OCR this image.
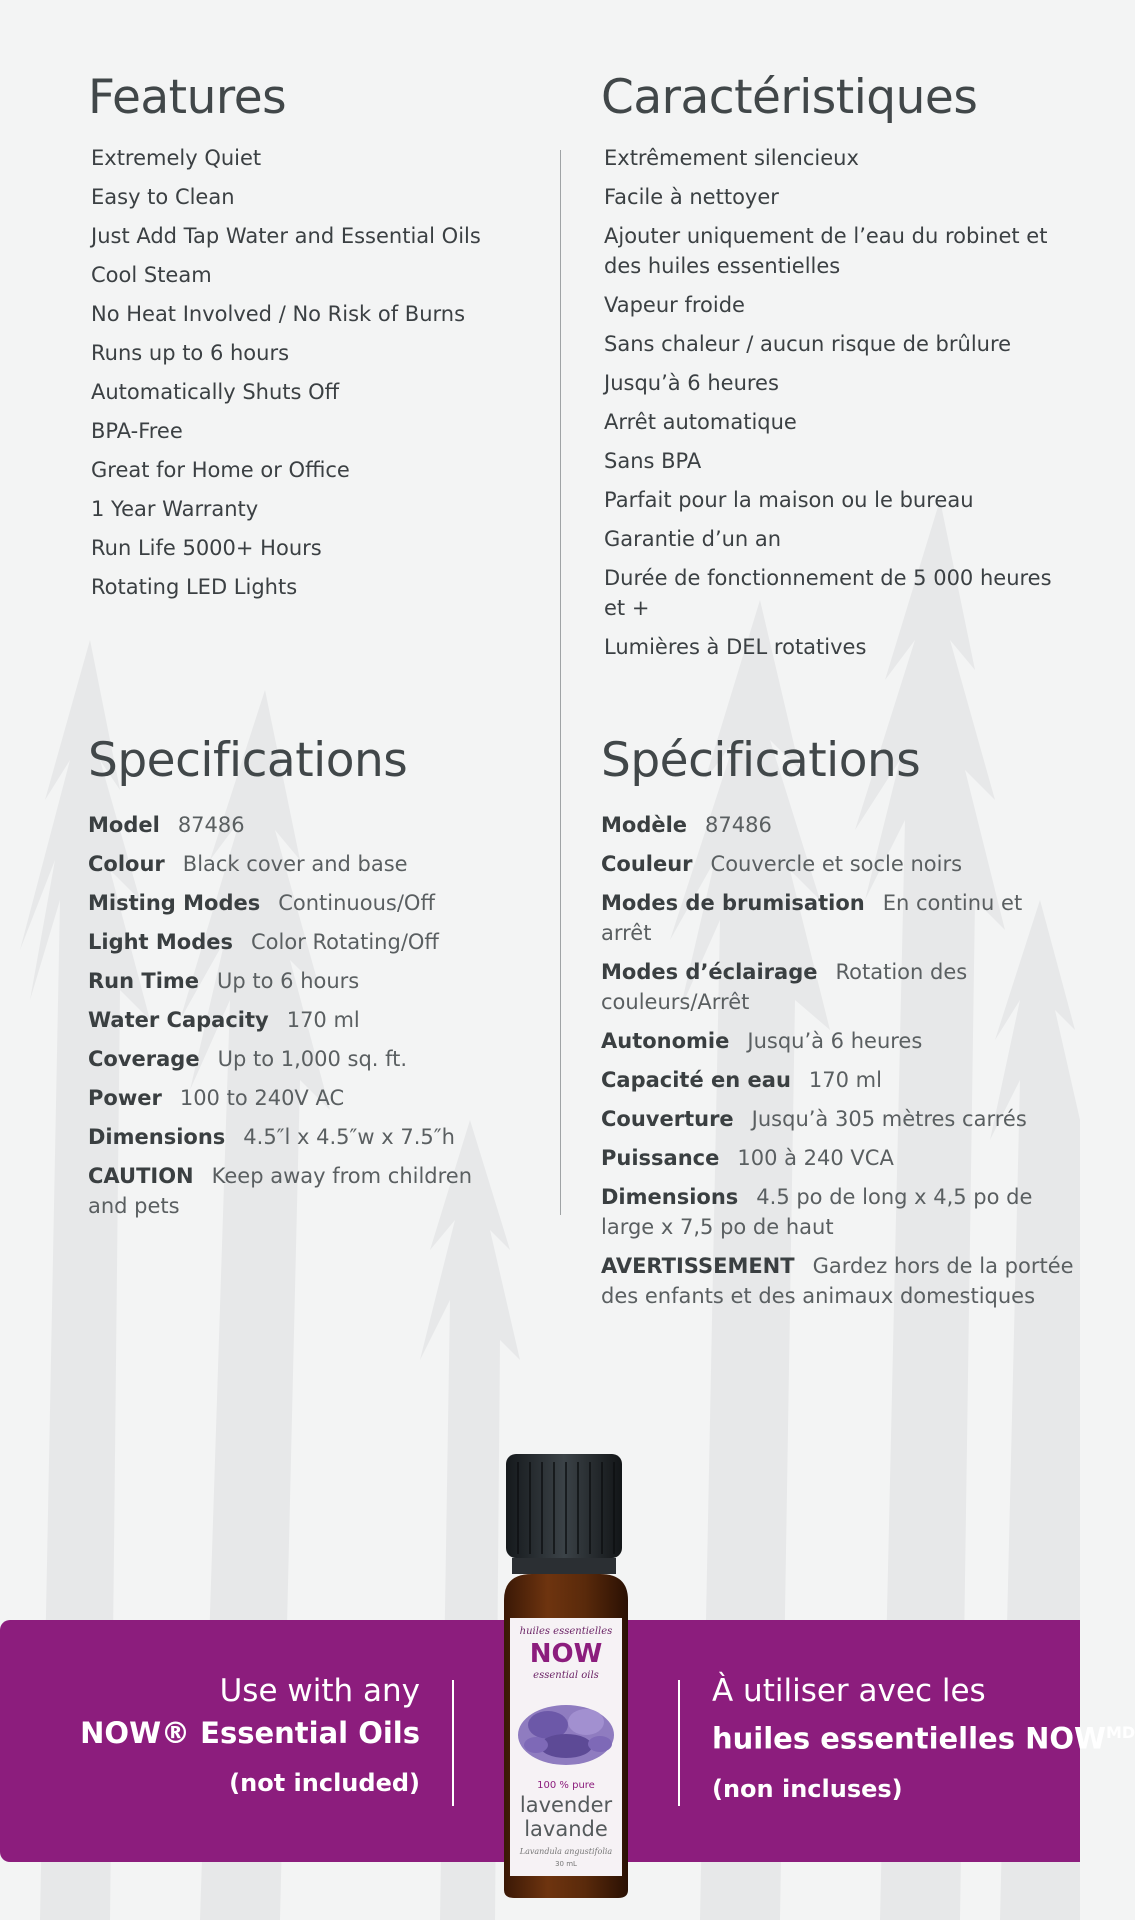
Features
Extremely Quiet
Easy to Clean
Just Add Tap Water and Essential Oils
Cool Steam
No Heat Involved / No Risk of Burns
Runs up to 6 hours
Automatically Shuts Off
BPA-Free
Great for Home or Office
1 Year Warranty
Run Life 5000+ Hours
Rotating LED Lights
Caractéristiques
Extrêmement silencieux
Facile à nettoyer
Ajouter uniquement de l’eau du robinet et des huiles essentielles
Vapeur froide
Sans chaleur / aucun risque de brûlure
Jusqu’à 6 heures
Arrêt automatique
Sans BPA
Parfait pour la maison ou le bureau
Garantie d’un an
Durée de fonctionnement de 5 000 heures et +
Lumières à DEL rotatives
Specifications
Model 87486
Colour Black cover and base
Misting Modes Continuous/Off
Light Modes Color Rotating/Off
Run Time Up to 6 hours
Water Capacity 170 ml
Coverage Up to 1,000 sq. ft.
Power 100 to 240V AC
Dimensions 4.5″l x 4.5″w x 7.5″h
CAUTION Keep away from children and pets
Spécifications
Modèle 87486
Couleur Couvercle et socle noirs
Modes de brumisation En continu et arrêt
Modes d’éclairage Rotation des couleurs/Arrêt
Autonomie Jusqu’à 6 heures
Capacité en eau 170 ml
Couverture Jusqu’à 305 mètres carrés
Puissance 100 à 240 VCA
Dimensions 4.5 po de long x 4,5 po de large x 7,5 po de haut
AVERTISSEMENT Gardez hors de la portée des enfants et des animaux domestiques
Use with any
NOW® Essential Oils
(not included)
À utiliser avec les
huiles essentielles $NOW^{MD}$
(non incluses)
huiles essentielles
NOW
essential oils
100 % pure
lavender
lavande
Lavandula angustifolia
30 mL
